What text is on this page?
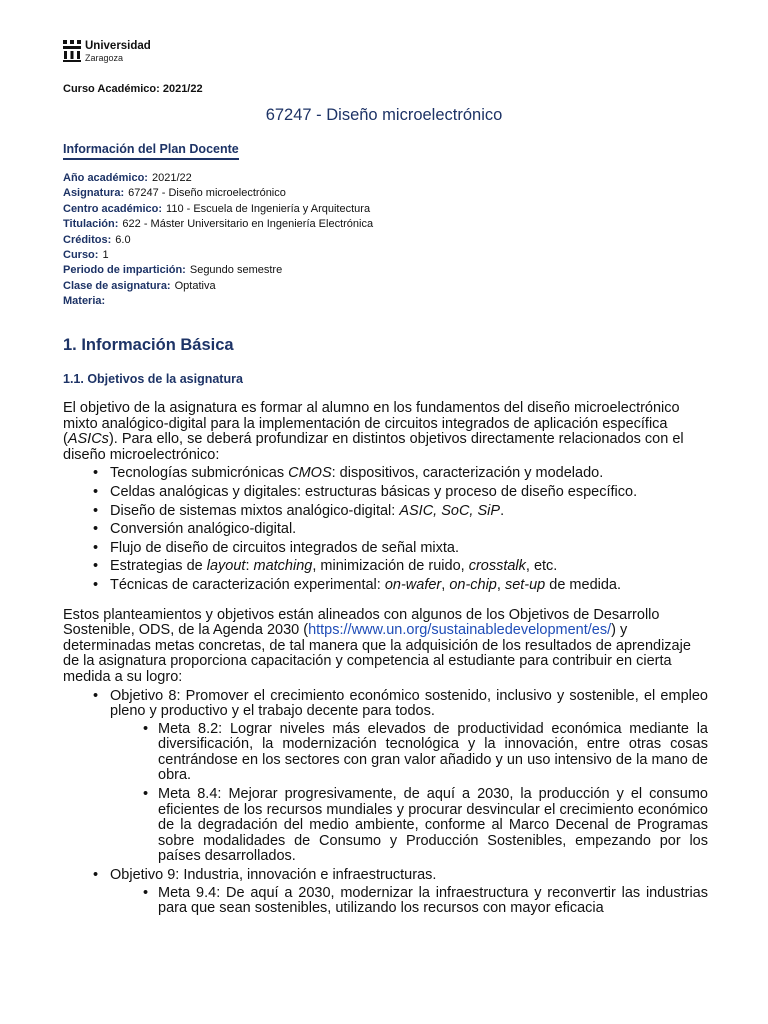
Universidad
Zaragoza
Curso Académico: 2021/22
67247 - Diseño microelectrónico
Información del Plan Docente
Año académico: 2021/22
Asignatura: 67247 - Diseño microelectrónico
Centro académico: 110 - Escuela de Ingeniería y Arquitectura
Titulación: 622 - Máster Universitario en Ingeniería Electrónica
Créditos: 6.0
Curso: 1
Periodo de impartición: Segundo semestre
Clase de asignatura: Optativa
Materia:
1. Información Básica
1.1. Objetivos de la asignatura

El objetivo de la asignatura es formar al alumno en los fundamentos del diseño microelectrónico mixto analógico-digital para la implementación de circuitos integrados de aplicación específica (ASICs). Para ello, se deberá profundizar en distintos objetivos directamente relacionados con el diseño microelectrónico:

• Tecnologías submicrónicas CMOS: dispositivos, caracterización y modelado.
• Celdas analógicas y digitales: estructuras básicas y proceso de diseño específico.
• Diseño de sistemas mixtos analógico-digital: ASIC, SoC, SiP.
• Conversión analógico-digital.
• Flujo de diseño de circuitos integrados de señal mixta.
• Estrategias de layout: matching, minimización de ruido, crosstalk, etc.
• Técnicas de caracterización experimental: on-wafer, on-chip, set-up de medida.

Estos planteamientos y objetivos están alineados con algunos de los Objetivos de Desarrollo Sostenible, ODS, de la Agenda 2030 (https://www.un.org/sustainabledevelopment/es/) y determinadas metas concretas, de tal manera que la adquisición de los resultados de aprendizaje de la asignatura proporciona capacitación y competencia al estudiante para contribuir en cierta medida a su logro:

• Objetivo 8: Promover el crecimiento económico sostenido, inclusivo y sostenible, el empleo pleno y productivo y el trabajo decente para todos.
• Meta 8.2: Lograr niveles más elevados de productividad económica mediante la diversificación, la modernización tecnológica y la innovación, entre otras cosas centrándose en los sectores con gran valor añadido y un uso intensivo de la mano de obra.
• Meta 8.4: Mejorar progresivamente, de aquí a 2030, la producción y el consumo eficientes de los recursos mundiales y procurar desvincular el crecimiento económico de la degradación del medio ambiente, conforme al Marco Decenal de Programas sobre modalidades de Consumo y Producción Sostenibles, empezando por los países desarrollados.
• Objetivo 9: Industria, innovación e infraestructuras.
• Meta 9.4: De aquí a 2030, modernizar la infraestructura y reconvertir las industrias para que sean sostenibles, utilizando los recursos con mayor eficacia
